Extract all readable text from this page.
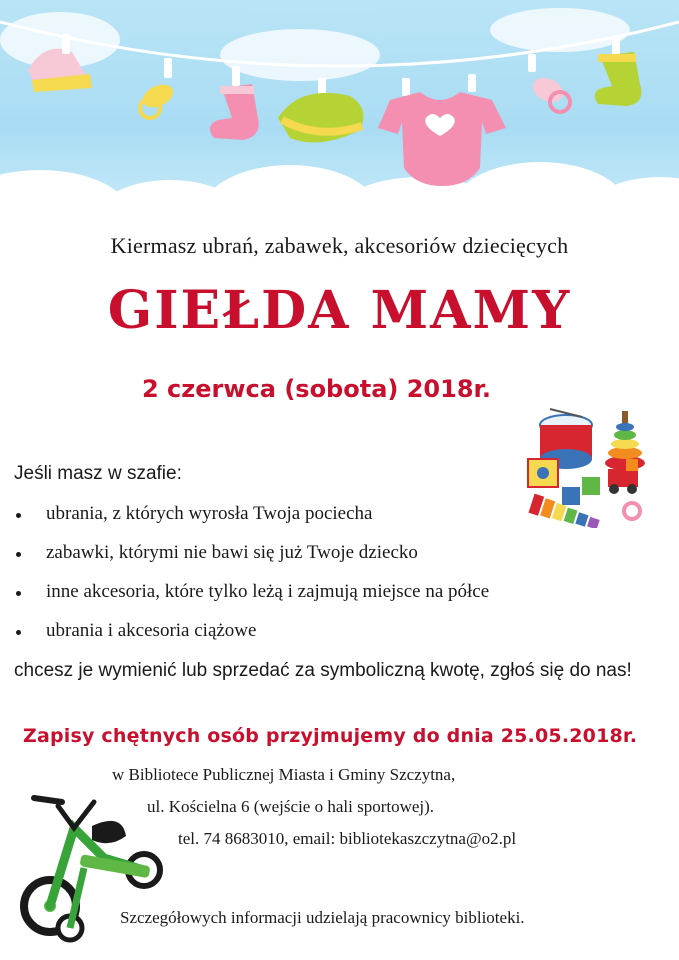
Kiermasz ubrań, zabawek, akcesoriów dziecięcych
GIEŁDA MAMY
2 czerwca (sobota) 2018r.
Jeśli masz w szafie:
ubrania, z których wyrosła Twoja pociecha
zabawki, którymi nie bawi się już Twoje dziecko
inne akcesoria, które tylko leżą i zajmują miejsce na półce
ubrania i akcesoria ciążowe
chcesz je wymienić lub sprzedać za symboliczną kwotę, zgłoś się do nas!
Zapisy chętnych osób przyjmujemy do dnia 25.05.2018r.
w Bibliotece Publicznej Miasta i Gminy Szczytna,
ul. Kościelna 6 (wejście o hali sportowej).
tel. 74 8683010, email: bibliotekaszczytna@o2.pl
Szczegółowych informacji udzielają pracownicy biblioteki.
